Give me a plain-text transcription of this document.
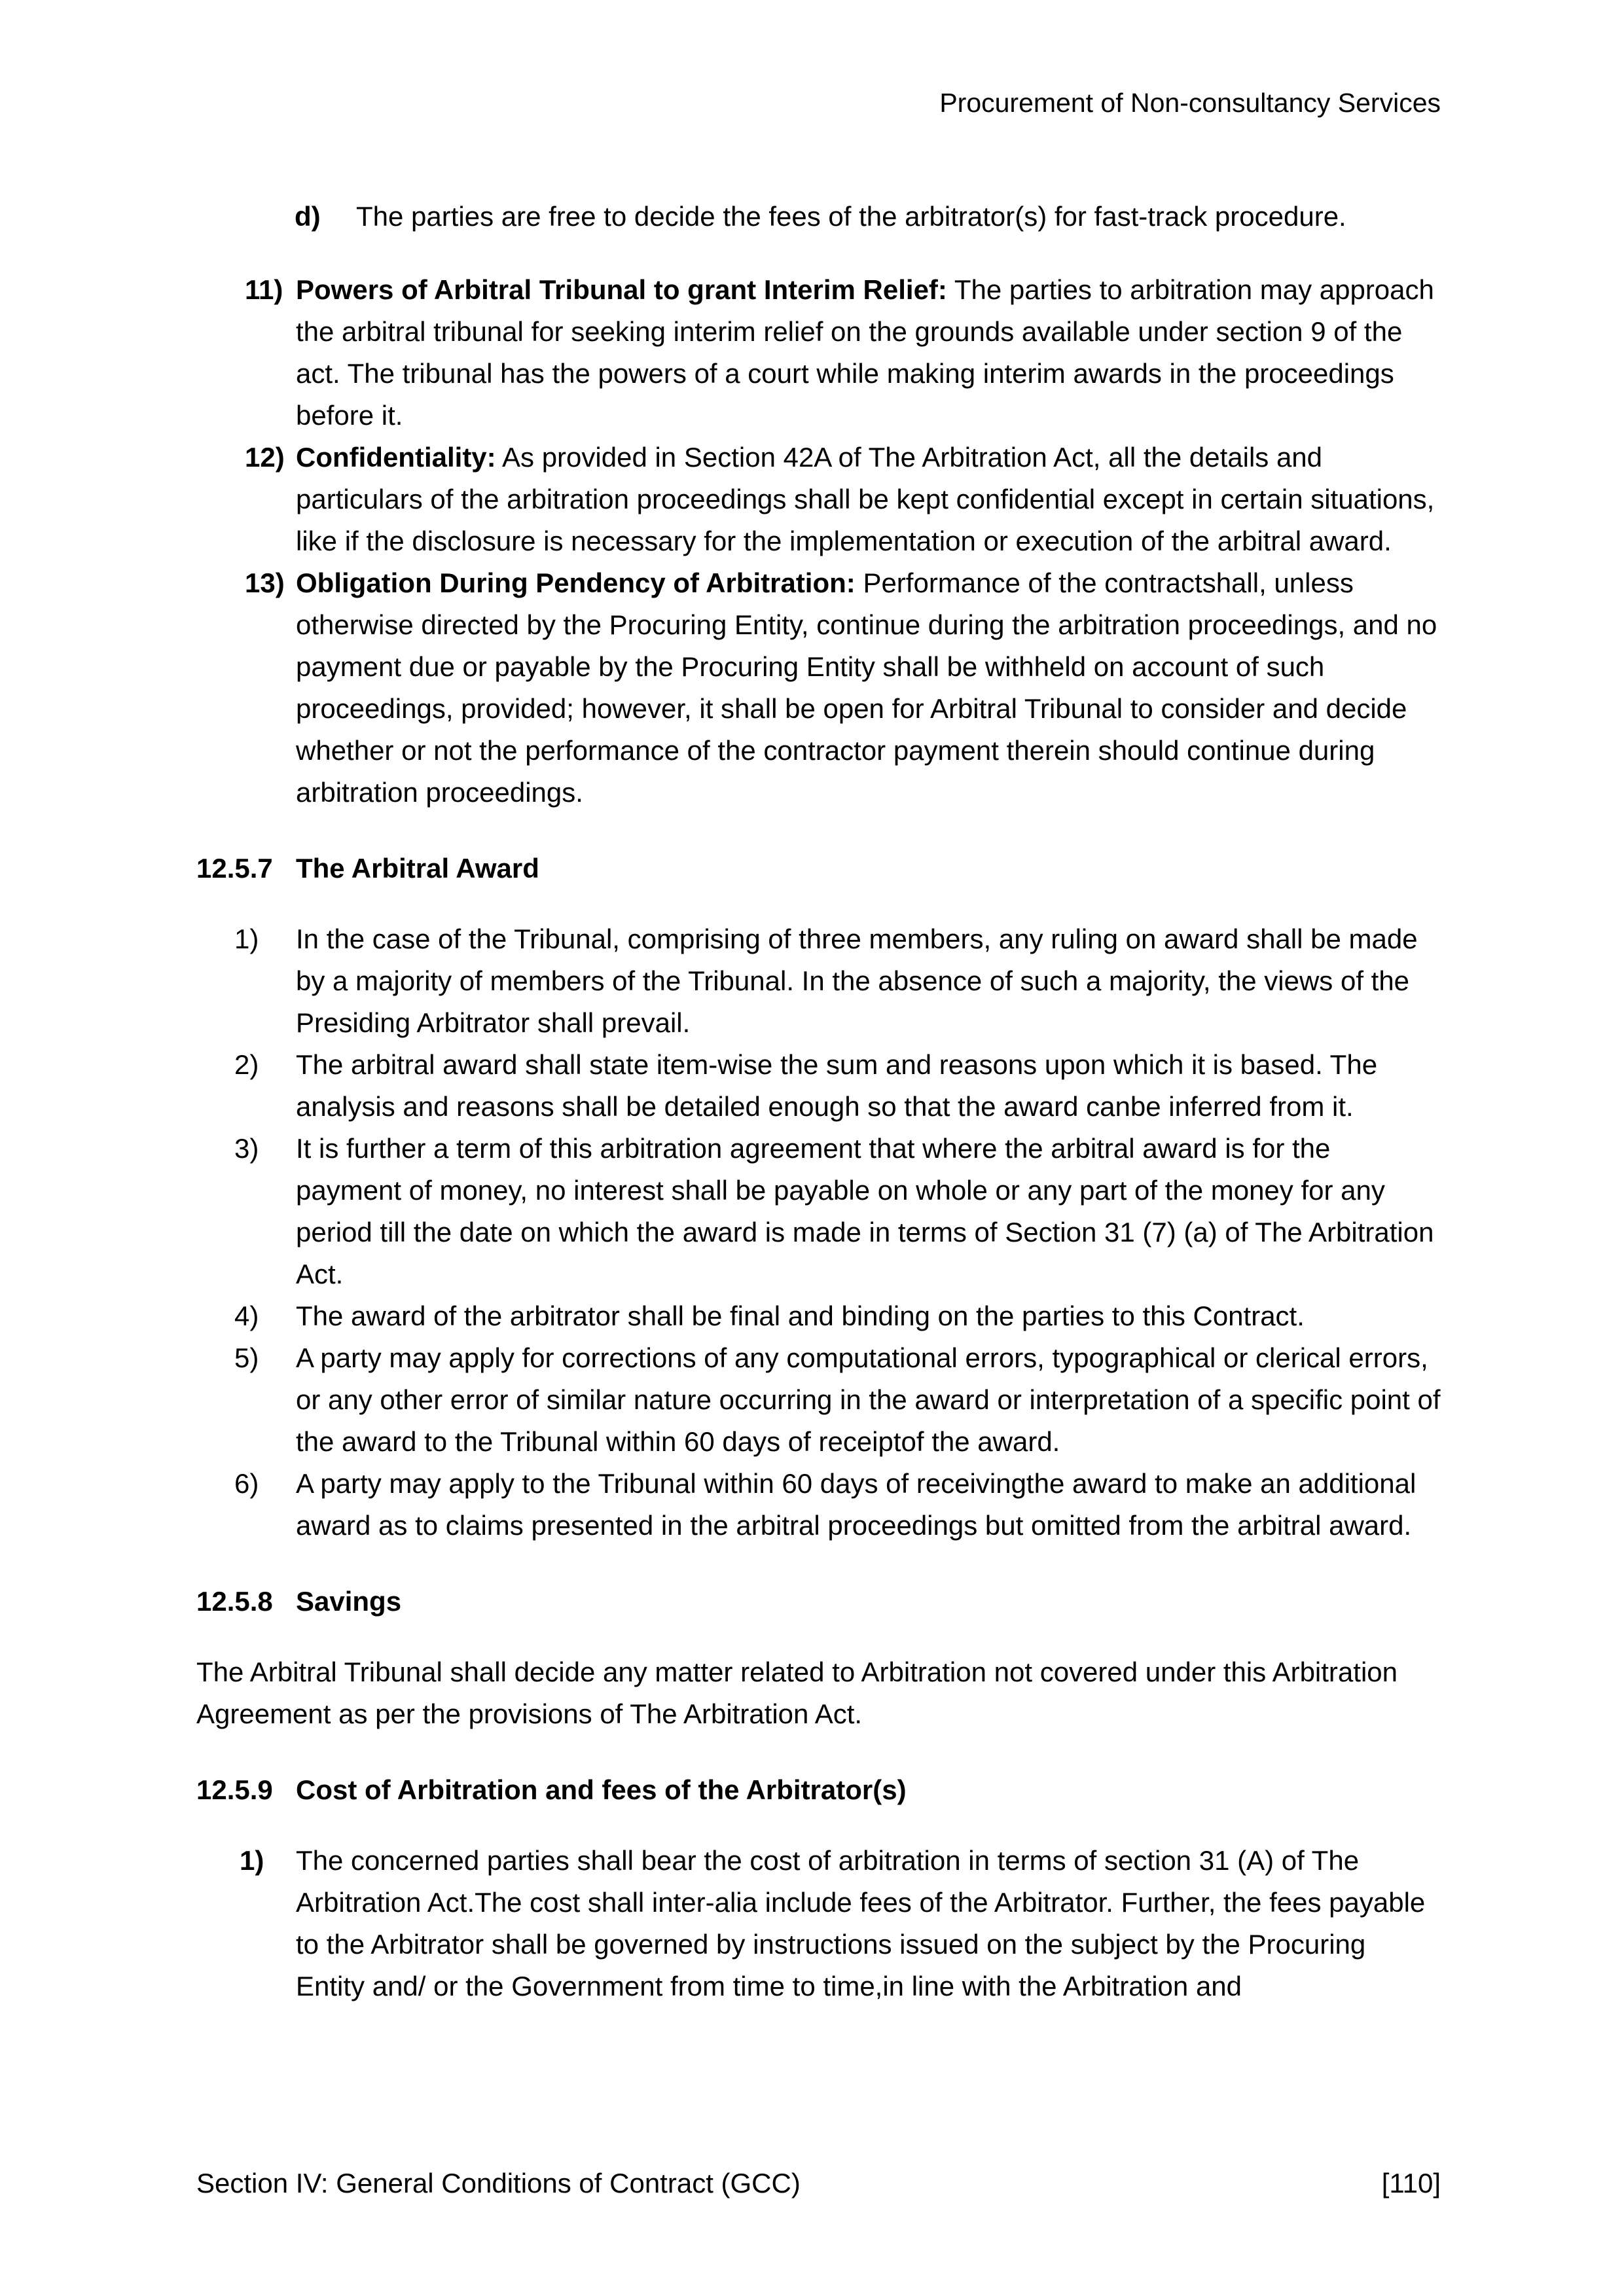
Procurement of Non-consultancy Services
d) The parties are free to decide the fees of the arbitrator(s) for fast-track procedure.
11) Powers of Arbitral Tribunal to grant Interim Relief: The parties to arbitration may approach the arbitral tribunal for seeking interim relief on the grounds available under section 9 of the act. The tribunal has the powers of a court while making interim awards in the proceedings before it.
12) Confidentiality: As provided in Section 42A of The Arbitration Act, all the details and particulars of the arbitration proceedings shall be kept confidential except in certain situations, like if the disclosure is necessary for the implementation or execution of the arbitral award.
13) Obligation During Pendency of Arbitration: Performance of the contractshall, unless otherwise directed by the Procuring Entity, continue during the arbitration proceedings, and no payment due or payable by the Procuring Entity shall be withheld on account of such proceedings, provided; however, it shall be open for Arbitral Tribunal to consider and decide whether or not the performance of the contractor payment therein should continue during arbitration proceedings.
12.5.7 The Arbitral Award
1) In the case of the Tribunal, comprising of three members, any ruling on award shall be made by a majority of members of the Tribunal. In the absence of such a majority, the views of the Presiding Arbitrator shall prevail.
2) The arbitral award shall state item-wise the sum and reasons upon which it is based. The analysis and reasons shall be detailed enough so that the award canbe inferred from it.
3) It is further a term of this arbitration agreement that where the arbitral award is for the payment of money, no interest shall be payable on whole or any part of the money for any period till the date on which the award is made in terms of Section 31 (7) (a) of The Arbitration Act.
4) The award of the arbitrator shall be final and binding on the parties to this Contract.
5) A party may apply for corrections of any computational errors, typographical or clerical errors, or any other error of similar nature occurring in the award or interpretation of a specific point of the award to the Tribunal within 60 days of receiptof the award.
6) A party may apply to the Tribunal within 60 days of receivingthe award to make an additional award as to claims presented in the arbitral proceedings but omitted from the arbitral award.
12.5.8 Savings

The Arbitral Tribunal shall decide any matter related to Arbitration not covered under this Arbitration Agreement as per the provisions of The Arbitration Act.

12.5.9 Cost of Arbitration and fees of the Arbitrator(s)
1) The concerned parties shall bear the cost of arbitration in terms of section 31 (A) of The Arbitration Act.The cost shall inter-alia include fees of the Arbitrator. Further, the fees payable to the Arbitrator shall be governed by instructions issued on the subject by the Procuring Entity and/ or the Government from time to time,in line with the Arbitration and
Section IV: General Conditions of Contract (GCC)	[110]
